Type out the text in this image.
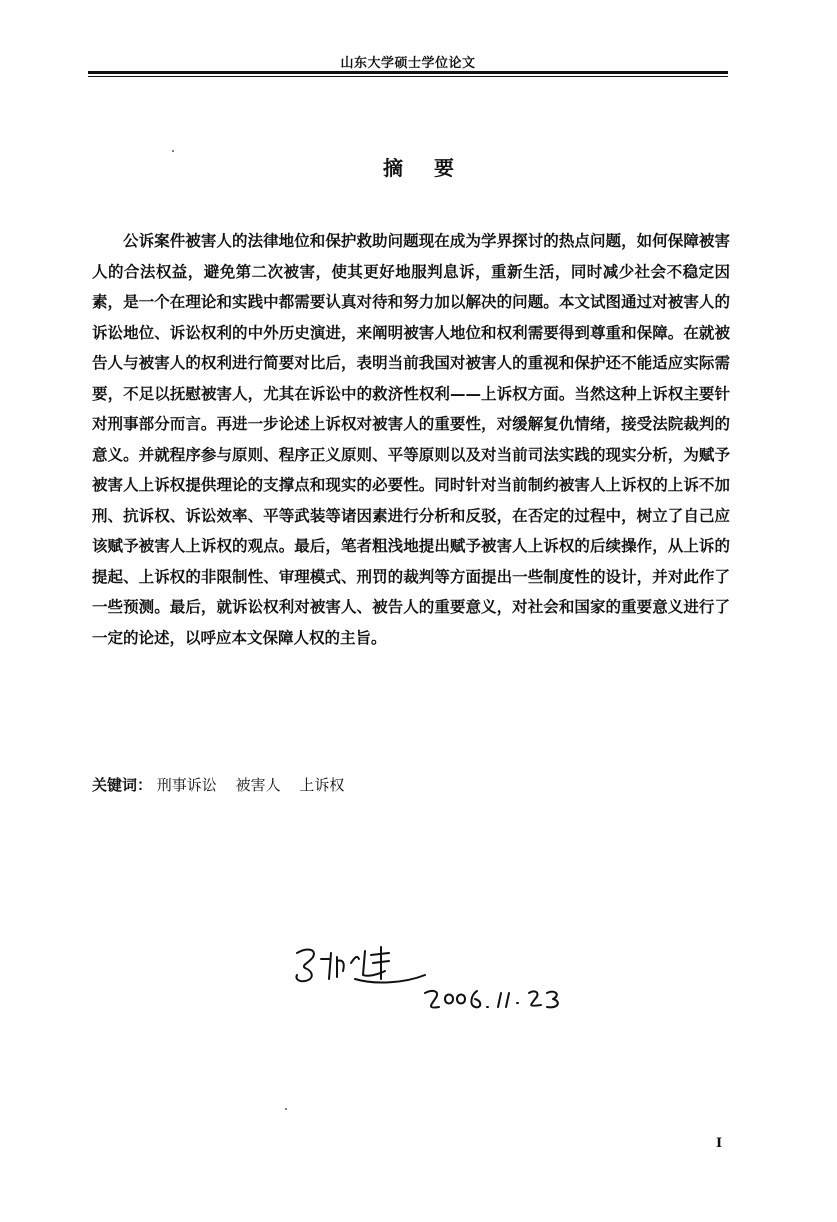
山东大学硕士学位论文
摘 要

公诉案件被害人的法律地位和保护救助问题现在成为学界探讨的热点问题，如何保障被害人的合法权益，避免第二次被害，使其更好地服判息诉，重新生活，同时减少社会不稳定因素，是一个在理论和实践中都需要认真对待和努力加以解决的问题。本文试图通过对被害人的诉讼地位、诉讼权利的中外历史演进，来阐明被害人地位和权利需要得到尊重和保障。在就被告人与被害人的权利进行简要对比后，表明当前我国对被害人的重视和保护还不能适应实际需要，不足以抚慰被害人，尤其在诉讼中的救济性权利——上诉权方面。当然这种上诉权主要针对刑事部分而言。再进一步论述上诉权对被害人的重要性，对缓解复仇情绪，接受法院裁判的意义。并就程序参与原则、程序正义原则、平等原则以及对当前司法实践的现实分析，为赋予被害人上诉权提供理论的支撑点和现实的必要性。同时针对当前制约被害人上诉权的上诉不加刑、抗诉权、诉讼效率、平等武装等诸因素进行分析和反驳，在否定的过程中，树立了自己应该赋予被害人上诉权的观点。最后，笔者粗浅地提出赋予被害人上诉权的后续操作，从上诉的提起、上诉权的非限制性、审理模式、刑罚的裁判等方面提出一些制度性的设计，并对此作了一些预测。最后，就诉讼权利对被害人、被告人的重要意义，对社会和国家的重要意义进行了一定的论述，以呼应本文保障人权的主旨。

关键词： 刑事诉讼 被害人 上诉权
I
